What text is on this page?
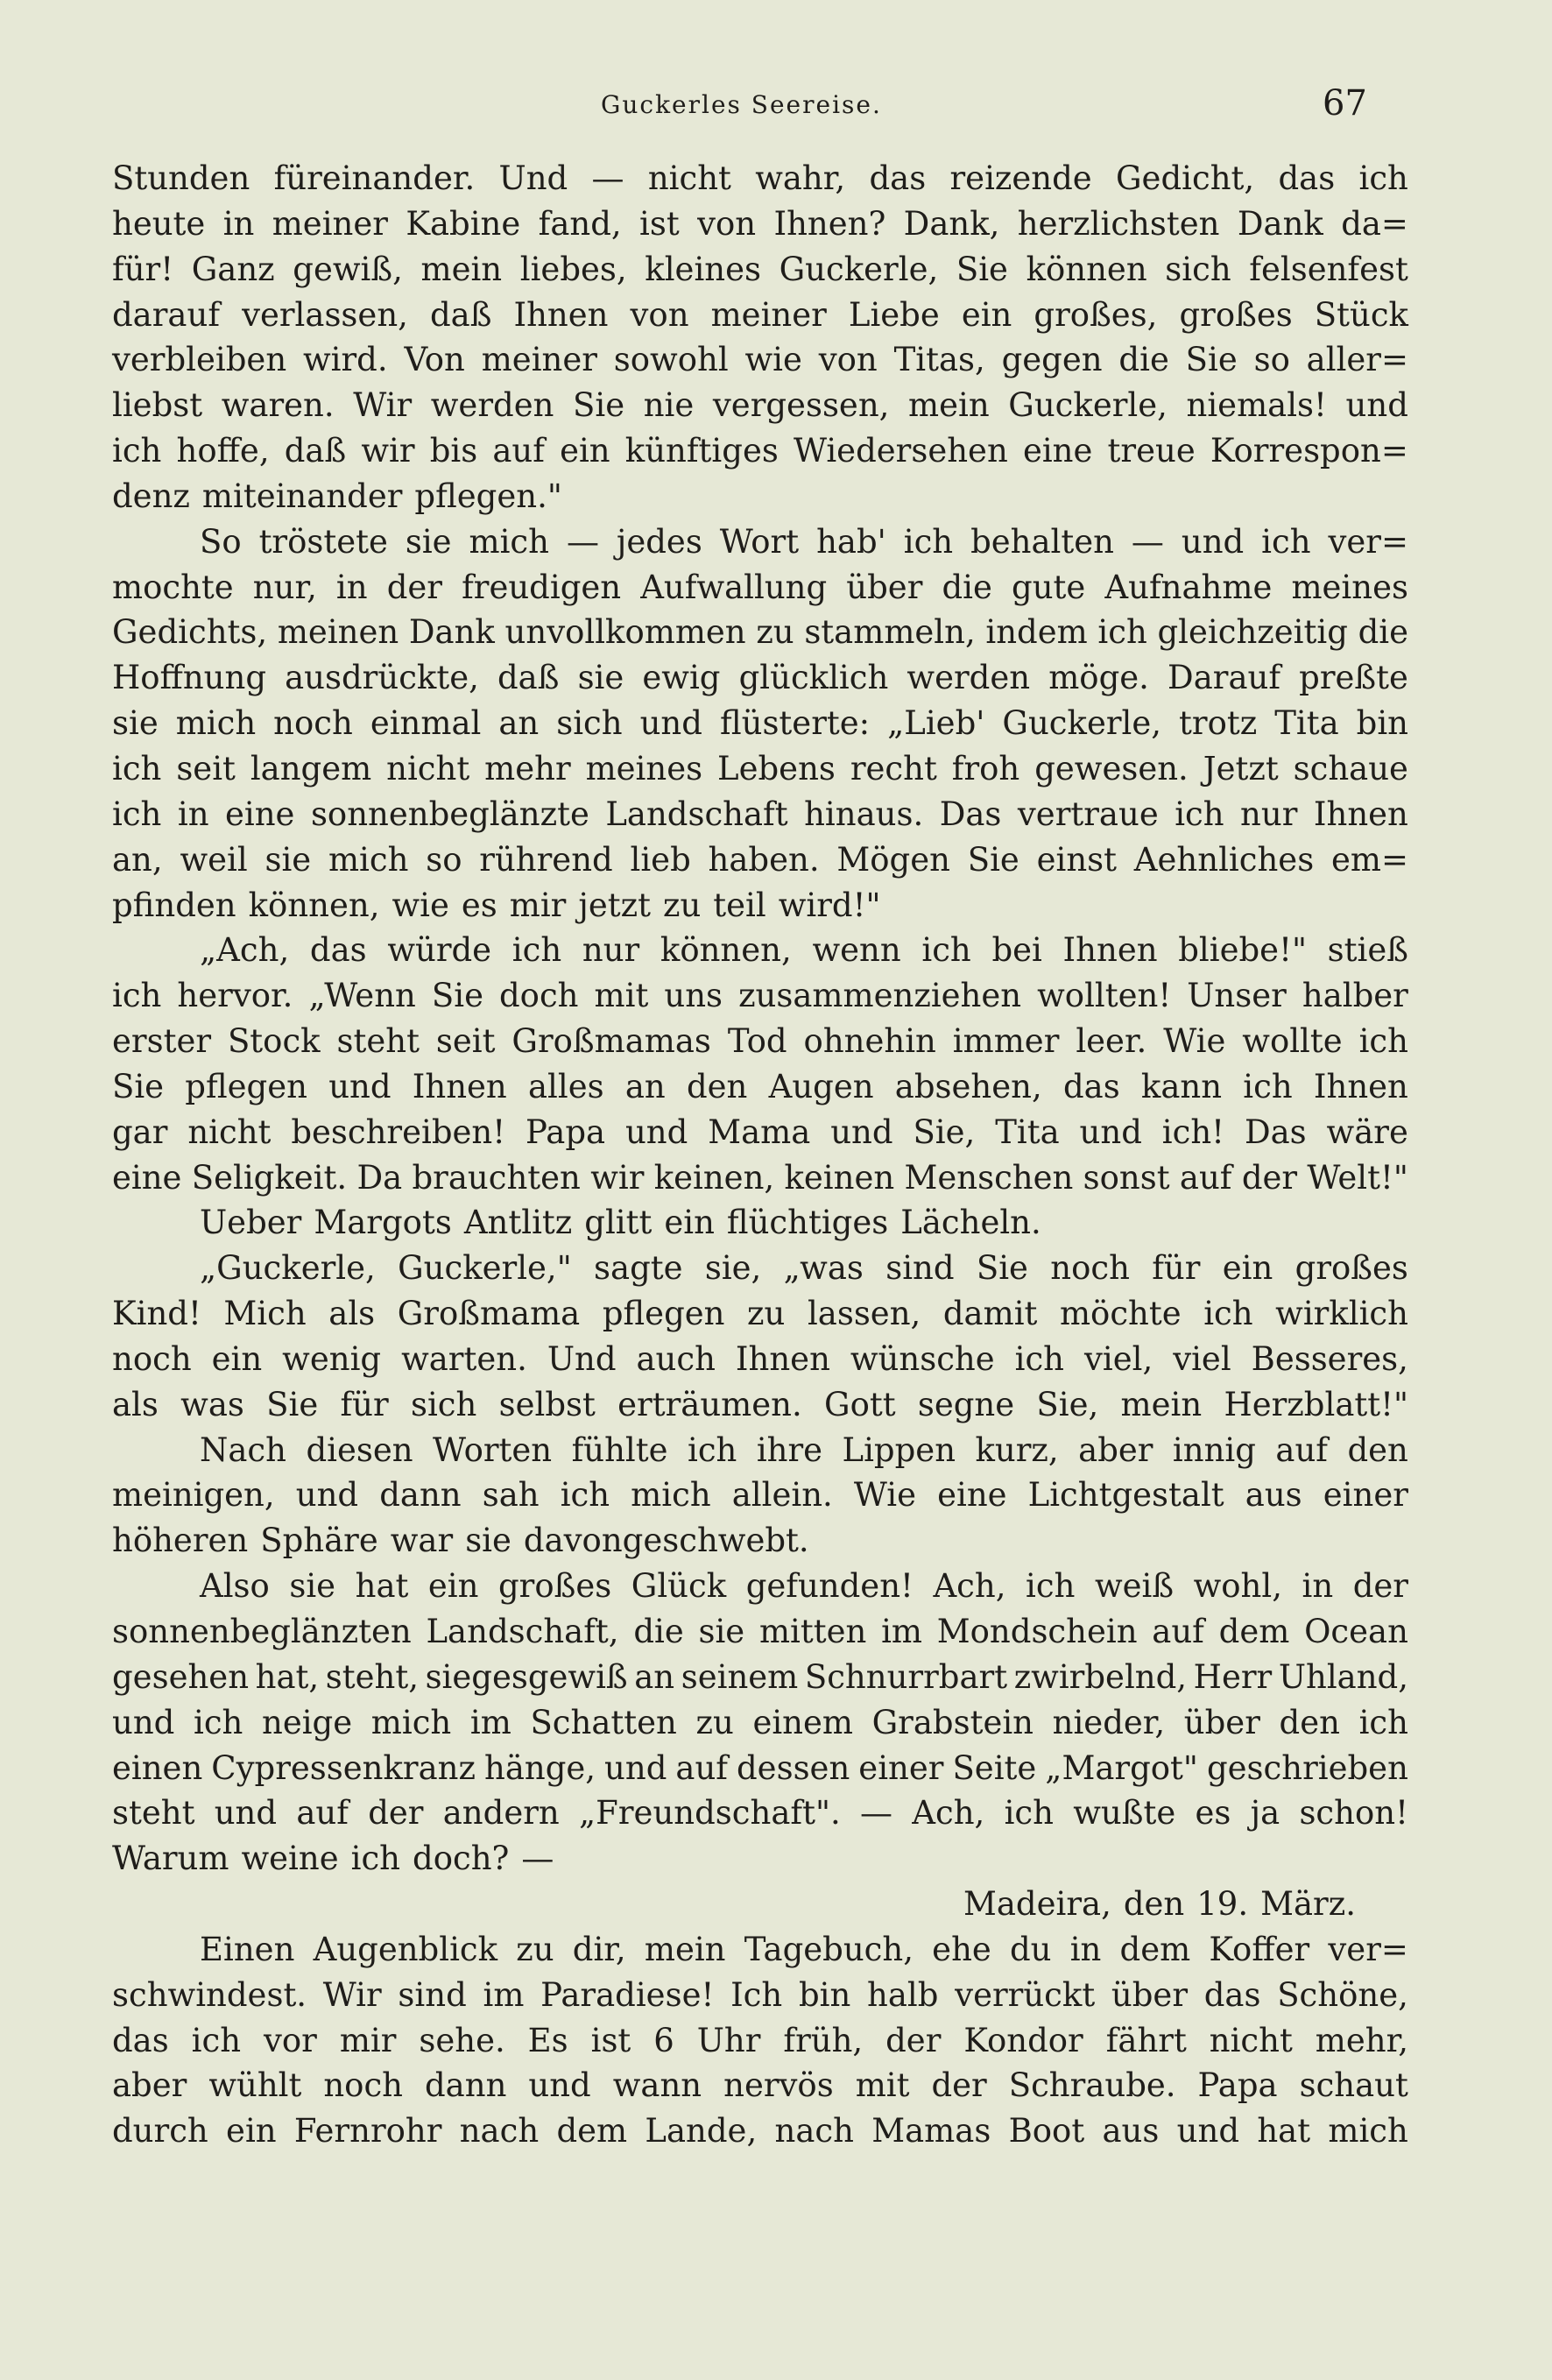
Guckerles Seereise.	67
Stunden füreinander. Und — nicht wahr, das reizende Gedicht, das ich
heute in meiner Kabine fand, ist von Ihnen? Dank, herzlichsten Dank da=
für! Ganz gewiß, mein liebes, kleines Guckerle, Sie können sich felsenfest
darauf verlassen, daß Ihnen von meiner Liebe ein großes, großes Stück
verbleiben wird. Von meiner sowohl wie von Titas, gegen die Sie so aller=
liebst waren. Wir werden Sie nie vergessen, mein Guckerle, niemals! und
ich hoffe, daß wir bis auf ein künftiges Wiedersehen eine treue Korrespon=
denz miteinander pflegen."
So tröstete sie mich — jedes Wort hab' ich behalten — und ich ver=
mochte nur, in der freudigen Aufwallung über die gute Aufnahme meines
Gedichts, meinen Dank unvollkommen zu stammeln, indem ich gleichzeitig die
Hoffnung ausdrückte, daß sie ewig glücklich werden möge. Darauf preßte
sie mich noch einmal an sich und flüsterte: „Lieb' Guckerle, trotz Tita bin
ich seit langem nicht mehr meines Lebens recht froh gewesen. Jetzt schaue
ich in eine sonnenbeglänzte Landschaft hinaus. Das vertraue ich nur Ihnen
an, weil sie mich so rührend lieb haben. Mögen Sie einst Aehnliches em=
pfinden können, wie es mir jetzt zu teil wird!"
„Ach, das würde ich nur können, wenn ich bei Ihnen bliebe!" stieß
ich hervor. „Wenn Sie doch mit uns zusammenziehen wollten! Unser halber
erster Stock steht seit Großmamas Tod ohnehin immer leer. Wie wollte ich
Sie pflegen und Ihnen alles an den Augen absehen, das kann ich Ihnen
gar nicht beschreiben! Papa und Mama und Sie, Tita und ich! Das wäre
eine Seligkeit. Da brauchten wir keinen, keinen Menschen sonst auf der Welt!"
Ueber Margots Antlitz glitt ein flüchtiges Lächeln.
„Guckerle, Guckerle," sagte sie, „was sind Sie noch für ein großes
Kind! Mich als Großmama pflegen zu lassen, damit möchte ich wirklich
noch ein wenig warten. Und auch Ihnen wünsche ich viel, viel Besseres,
als was Sie für sich selbst erträumen. Gott segne Sie, mein Herzblatt!"
Nach diesen Worten fühlte ich ihre Lippen kurz, aber innig auf den
meinigen, und dann sah ich mich allein. Wie eine Lichtgestalt aus einer
höheren Sphäre war sie davongeschwebt.
Also sie hat ein großes Glück gefunden! Ach, ich weiß wohl, in der
sonnenbeglänzten Landschaft, die sie mitten im Mondschein auf dem Ocean
gesehen hat, steht, siegesgewiß an seinem Schnurrbart zwirbelnd, Herr Uhland,
und ich neige mich im Schatten zu einem Grabstein nieder, über den ich
einen Cypressenkranz hänge, und auf dessen einer Seite „Margot" geschrieben
steht und auf der andern „Freundschaft". — Ach, ich wußte es ja schon!
Warum weine ich doch? —
Madeira, den 19. März.
Einen Augenblick zu dir, mein Tagebuch, ehe du in dem Koffer ver=
schwindest. Wir sind im Paradiese! Ich bin halb verrückt über das Schöne,
das ich vor mir sehe. Es ist 6 Uhr früh, der Kondor fährt nicht mehr,
aber wühlt noch dann und wann nervös mit der Schraube. Papa schaut
durch ein Fernrohr nach dem Lande, nach Mamas Boot aus und hat mich
